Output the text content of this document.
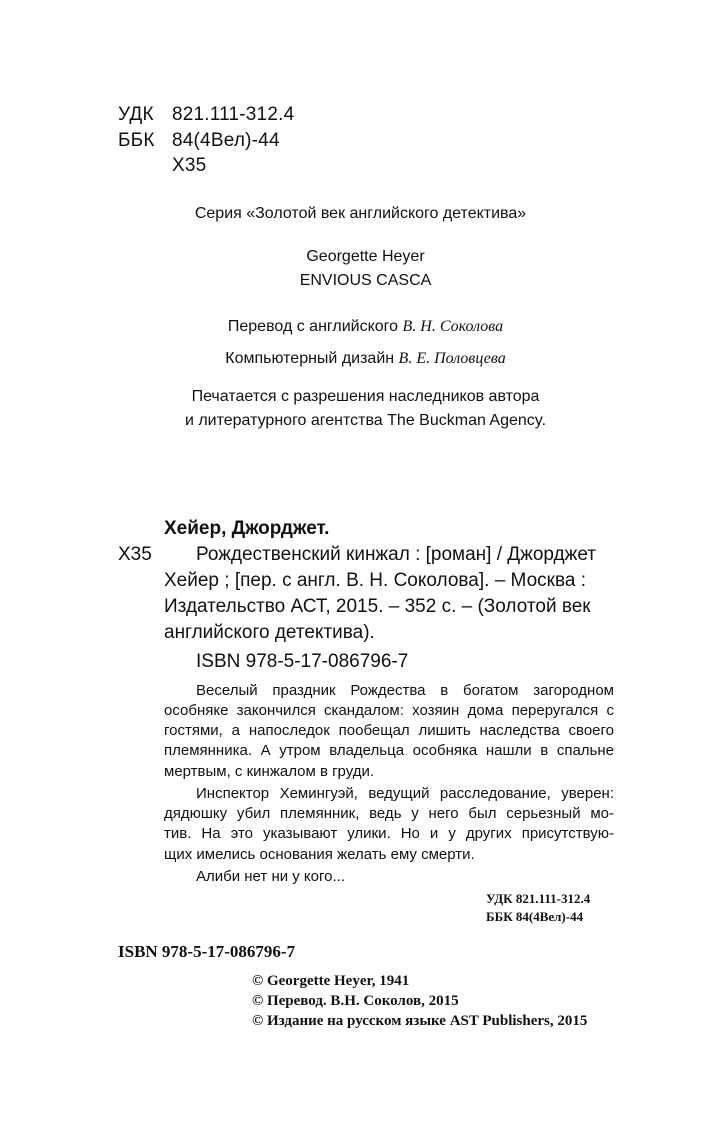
УДК 821.111-312.4
ББК 84(4Вел)-44
Х35
Серия «Золотой век английского детектива»
Georgette Heyer
ENVIOUS CASCA
Перевод с английского В. Н. Соколова
Компьютерный дизайн В. Е. Половцева
Печатается с разрешения наследников автора
и литературного агентства The Buckman Agency.
Хейер, Джорджет.
Х35 Рождественский кинжал : [роман] / Джорджет
Хейер ; [пер. с англ. В. Н. Соколова]. – Москва :
Издательство АСТ, 2015. – 352 с. – (Золотой век
английского детектива).
ISBN 978-5-17-086796-7
Веселый праздник Рождества в богатом загородном
особняке закончился скандалом: хозяин дома переругался с
гостями, а напоследок пообещал лишить наследства своего
племянника. А утром владельца особняка нашли в спальне
мертвым, с кинжалом в груди.
Инспектор Хемингуэй, ведущий расследование, уверен:
дядюшку убил племянник, ведь у него был серьезный мо-
тив. На это указывают улики. Но и у других присутствую-
щих имелись основания желать ему смерти.
Алиби нет ни у кого...
УДК 821.111-312.4
ББК 84(4Вел)-44
ISBN 978-5-17-086796-7
© Georgette Heyer, 1941
© Перевод. В.Н. Соколов, 2015
© Издание на русском языке AST Publishers, 2015
